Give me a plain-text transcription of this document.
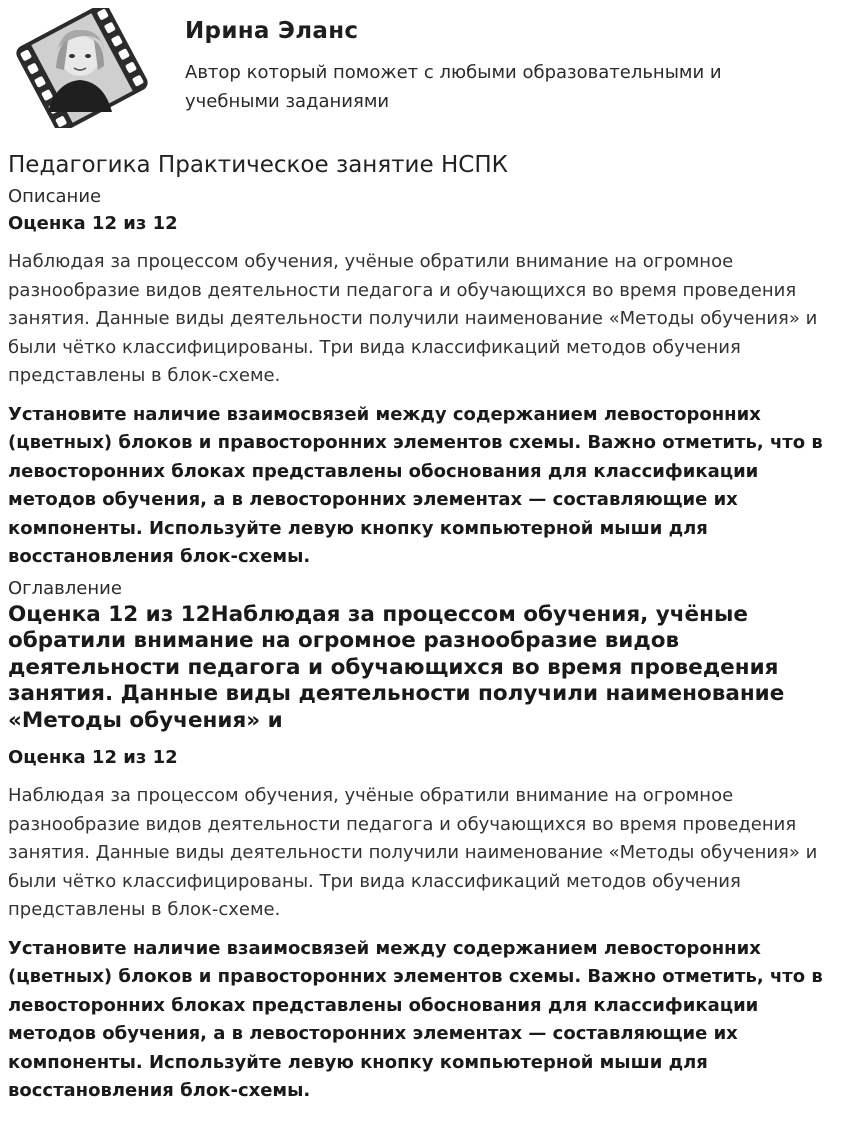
Ирина Эланс
Автор который поможет с любыми образовательными и учебными заданиями
Педагогика Практическое занятие НСПК
Описание
Оценка 12 из 12

Наблюдая за процессом обучения, учёные обратили внимание на огромное разнообразие видов деятельности педагога и обучающихся во время проведения занятия. Данные виды деятельности получили наименование «Методы обучения» и были чётко классифицированы. Три вида классификаций методов обучения представлены в блок-схеме.

Установите наличие взаимосвязей между содержанием левосторонних (цветных) блоков и правосторонних элементов схемы. Важно отметить, что в левосторонних блоках представлены обоснования для классификации методов обучения, а в левосторонних элементах — составляющие их компоненты. Используйте левую кнопку компьютерной мыши для восстановления блок-схемы.

Оглавление
Оценка 12 из 12Наблюдая за процессом обучения, учёные обратили внимание на огромное разнообразие видов деятельности педагога и обучающихся во время проведения занятия. Данные виды деятельности получили наименование «Методы обучения» и
Оценка 12 из 12

Наблюдая за процессом обучения, учёные обратили внимание на огромное разнообразие видов деятельности педагога и обучающихся во время проведения занятия. Данные виды деятельности получили наименование «Методы обучения» и были чётко классифицированы. Три вида классификаций методов обучения представлены в блок-схеме.

Установите наличие взаимосвязей между содержанием левосторонних (цветных) блоков и правосторонних элементов схемы. Важно отметить, что в левосторонних блоках представлены обоснования для классификации методов обучения, а в левосторонних элементах — составляющие их компоненты. Используйте левую кнопку компьютерной мыши для восстановления блок-схемы.
